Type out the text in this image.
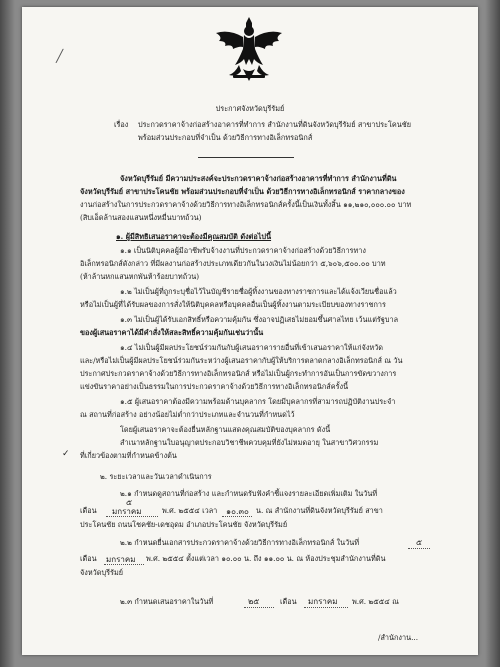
ประกาศจังหวัดบุรีรัมย์
เรื่อง ประกวดราคาจ้างก่อสร้างอาคารที่ทำการ สำนักงานที่ดินจังหวัดบุรีรัมย์ สาขาประโคนชัย
พร้อมส่วนประกอบที่จำเป็น ด้วยวิธีการทางอิเล็กทรอนิกส์
จังหวัดบุรีรัมย์ มีความประสงค์จะประกวดราคาจ้างก่อสร้างอาคารที่ทำการ สำนักงานที่ดิน
จังหวัดบุรีรัมย์ สาขาประโคนชัย พร้อมส่วนประกอบที่จำเป็น ด้วยวิธีการทางอิเล็กทรอนิกส์ ราคากลางของ
งานก่อสร้างในการประกวดราคาจ้างด้วยวิธีการทางอิเล็กทรอนิกส์ครั้งนี้เป็นเงินทั้งสิ้น ๑๑,๒๑๐,๐๐๐.๐๐ บาท
(สิบเอ็ดล้านสองแสนหนึ่งหมื่นบาทถ้วน)
๑. ผู้มีสิทธิเสนอราคาจะต้องมีคุณสมบัติ ดังต่อไปนี้
๑.๑ เป็นนิติบุคคลผู้มีอาชีพรับจ้างงานที่ประกวดราคาจ้างก่อสร้างด้วยวิธีการทาง
อิเล็กทรอนิกส์ดังกล่าว ที่มีผลงานก่อสร้างประเภทเดียวกันในวงเงินไม่น้อยกว่า ๕,๖๐๖,๕๐๐.๐๐ บาท
(ห้าล้านหกแสนหกพันห้าร้อยบาทถ้วน)
๑.๒ ไม่เป็นผู้ที่ถูกระบุชื่อไว้ในบัญชีรายชื่อผู้ทิ้งงานของทางราชการและได้แจ้งเวียนชื่อแล้ว
หรือไม่เป็นผู้ที่ได้รับผลของการสั่งให้นิติบุคคลหรือบุคคลอื่นเป็นผู้ทิ้งงานตามระเบียบของทางราชการ
๑.๓ ไม่เป็นผู้ได้รับเอกสิทธิ์หรือความคุ้มกัน ซึ่งอาจปฏิเสธไม่ยอมขึ้นศาลไทย เว้นแต่รัฐบาล
ของผู้เสนอราคาได้มีคำสั่งให้สละสิทธิ์ความคุ้มกันเช่นว่านั้น
๑.๔ ไม่เป็นผู้มีผลประโยชน์ร่วมกันกับผู้เสนอราคารายอื่นที่เข้าเสนอราคาให้แก่จังหวัด
และ/หรือไม่เป็นผู้มีผลประโยชน์ร่วมกันระหว่างผู้เสนอราคากับผู้ให้บริการตลาดกลางอิเล็กทรอนิกส์ ณ วัน
ประกาศประกวดราคาจ้างด้วยวิธีการทางอิเล็กทรอนิกส์ หรือไม่เป็นผู้กระทำการอันเป็นการขัดขวางการ
แข่งขันราคาอย่างเป็นธรรมในการประกวดราคาจ้างด้วยวิธีการทางอิเล็กทรอนิกส์ครั้งนี้
๑.๕ ผู้เสนอราคาต้องมีความพร้อมด้านบุคลากร โดยมีบุคลากรที่สามารถปฏิบัติงานประจำ
ณ สถานที่ก่อสร้าง อย่างน้อยไม่ต่ำกว่าประเภทและจำนวนที่กำหนดไว้
โดยผู้เสนอราคาจะต้องยื่นหลักฐานแสดงคุณสมบัติของบุคลากร ดังนี้
สำเนาหลักฐานใบอนุญาตประกอบวิชาชีพควบคุมที่ยังไม่หมดอายุ ในสาขาวิศวกรรม
ที่เกี่ยวข้องตามที่กำหนดข้างต้น
✓
๒. ระยะเวลาและวันเวลาดำเนินการ
๒.๑ กำหนดดูสถานที่ก่อสร้าง และกำหนดรับฟังคำชี้แจงรายละเอียดเพิ่มเติม ในวันที่
เดือน มกราคม	พ.ศ. ๒๕๕๔ เวลา ๑๐.๓๐ น. ณ สำนักงานที่ดินจังหวัดบุรีรัมย์ สาขา
๕
ประโคนชัย ถนนโชคชัย-เดชอุดม อำเภอประโคนชัย จังหวัดบุรีรัมย์
๒.๒ กำหนดยื่นเอกสารประกวดราคาจ้างด้วยวิธีการทางอิเล็กทรอนิกส์ ในวันที่	๕
เดือน มกราคม พ.ศ. ๒๕๕๔ ตั้งแต่เวลา ๑๐.๐๐ น. ถึง ๑๑.๐๐ น. ณ ห้องประชุมสำนักงานที่ดิน
จังหวัดบุรีรัมย์
๒.๓ กำหนดเสนอราคาในวันที่	๒๕	เดือน มกราคม พ.ศ. ๒๕๕๔ ณ
/สำนักงาน...
╱
